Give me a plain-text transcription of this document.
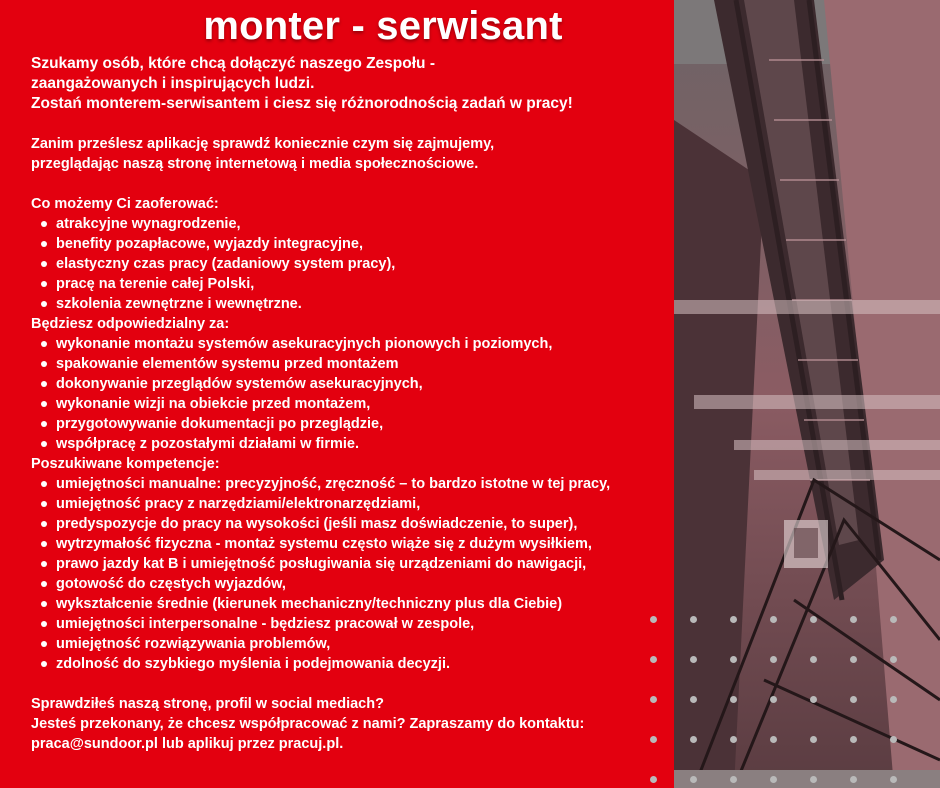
monter - serwisant
Szukamy osób, które chcą dołączyć naszego Zespołu -
zaangażowanych i inspirujących ludzi.
Zostań monterem-serwisantem i ciesz się różnorodnością zadań w pracy!
Zanim prześlesz aplikację sprawdź koniecznie czym się zajmujemy,
przeglądając naszą stronę internetową i media społecznościowe.
Co możemy Ci zaoferować:
atrakcyjne wynagrodzenie,
benefity pozapłacowe, wyjazdy integracyjne,
elastyczny czas pracy (zadaniowy system pracy),
pracę na terenie całej Polski,
szkolenia zewnętrzne i wewnętrzne.
Będziesz odpowiedzialny za:
wykonanie montażu systemów asekuracyjnych pionowych i poziomych,
spakowanie elementów systemu przed montażem
dokonywanie przeglądów systemów asekuracyjnych,
wykonanie wizji na obiekcie przed montażem,
przygotowywanie dokumentacji po przeglądzie,
współpracę z pozostałymi działami w firmie.
Poszukiwane kompetencje:
umiejętności manualne: precyzyjność, zręczność – to bardzo istotne w tej pracy,
umiejętność pracy z narzędziami/elektronarzędziami,
predyspozycje do pracy na wysokości (jeśli masz doświadczenie, to super),
wytrzymałość fizyczna - montaż systemu często wiąże się z dużym wysiłkiem,
prawo jazdy kat B i umiejętność posługiwania się urządzeniami do nawigacji,
gotowość do częstych wyjazdów,
wykształcenie średnie (kierunek mechaniczny/techniczny plus dla Ciebie)
umiejętności interpersonalne - będziesz pracował w zespole,
umiejętność rozwiązywania problemów,
zdolność do szybkiego myślenia i podejmowania decyzji.
Sprawdziłeś naszą stronę, profil w social mediach?
Jesteś przekonany, że chcesz współpracować z nami? Zapraszamy do kontaktu:
praca@sundoor.pl lub aplikuj przez pracuj.pl.
